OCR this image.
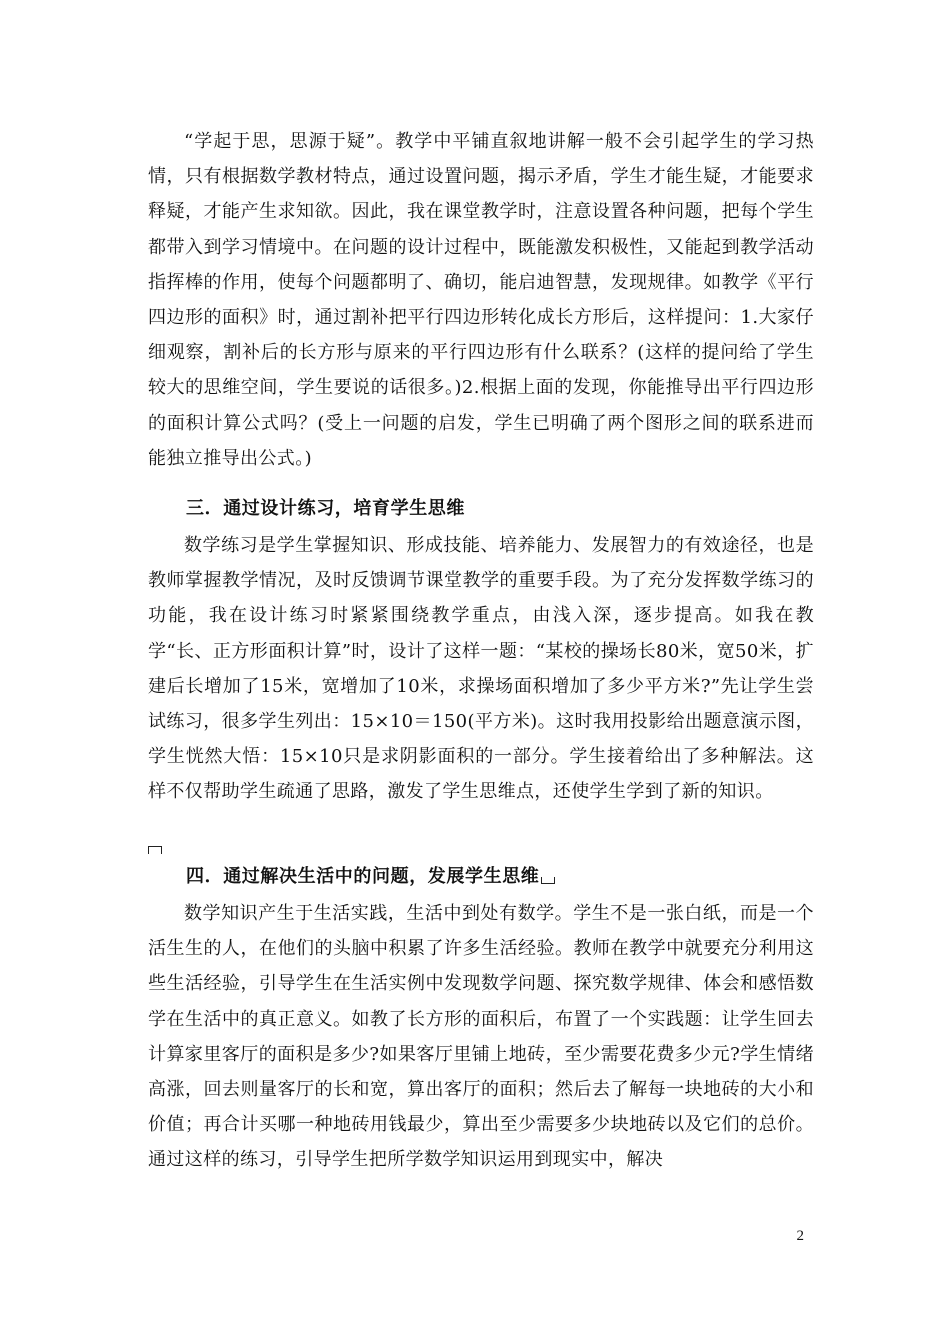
“学起于思，思源于疑”。教学中平铺直叙地讲解一般不会引起学生的学习热情，只有根据数学教材特点，通过设置问题，揭示矛盾，学生才能生疑，才能要求释疑，才能产生求知欲。因此，我在课堂教学时，注意设置各种问题，把每个学生都带入到学习情境中。在问题的设计过程中，既能激发积极性，又能起到教学活动指挥棒的作用，使每个问题都明了、确切，能启迪智慧，发现规律。如教学《平行四边形的面积》时，通过割补把平行四边形转化成长方形后，这样提问：1.大家仔细观察，割补后的长方形与原来的平行四边形有什么联系？(这样的提问给了学生较大的思维空间，学生要说的话很多。)2.根据上面的发现，你能推导出平行四边形的面积计算公式吗？(受上一问题的启发，学生已明确了两个图形之间的联系进而能独立推导出公式。)

三．通过设计练习，培育学生思维

数学练习是学生掌握知识、形成技能、培养能力、发展智力的有效途径，也是教师掌握教学情况，及时反馈调节课堂教学的重要手段。为了充分发挥数学练习的功能，我在设计练习时紧紧围绕教学重点，由浅入深，逐步提高。如我在教学“长、正方形面积计算”时，设计了这样一题：“某校的操场长80米，宽50米，扩建后长增加了15米，宽增加了10米，求操场面积增加了多少平方米?”先让学生尝试练习，很多学生列出：15×10＝150(平方米)。这时我用投影给出题意演示图，学生恍然大悟：15×10只是求阴影面积的一部分。学生接着给出了多种解法。这样不仅帮助学生疏通了思路，激发了学生思维点，还使学生学到了新的知识。

四．通过解决生活中的问题，发展学生思维

数学知识产生于生活实践，生活中到处有数学。学生不是一张白纸，而是一个活生生的人，在他们的头脑中积累了许多生活经验。教师在教学中就要充分利用这些生活经验，引导学生在生活实例中发现数学问题、探究数学规律、体会和感悟数学在生活中的真正意义。如教了长方形的面积后，布置了一个实践题：让学生回去计算家里客厅的面积是多少?如果客厅里铺上地砖，至少需要花费多少元?学生情绪高涨，回去则量客厅的长和宽，算出客厅的面积；然后去了解每一块地砖的大小和价值；再合计买哪一种地砖用钱最少，算出至少需要多少块地砖以及它们的总价。通过这样的练习，引导学生把所学数学知识运用到现实中，解决

2
